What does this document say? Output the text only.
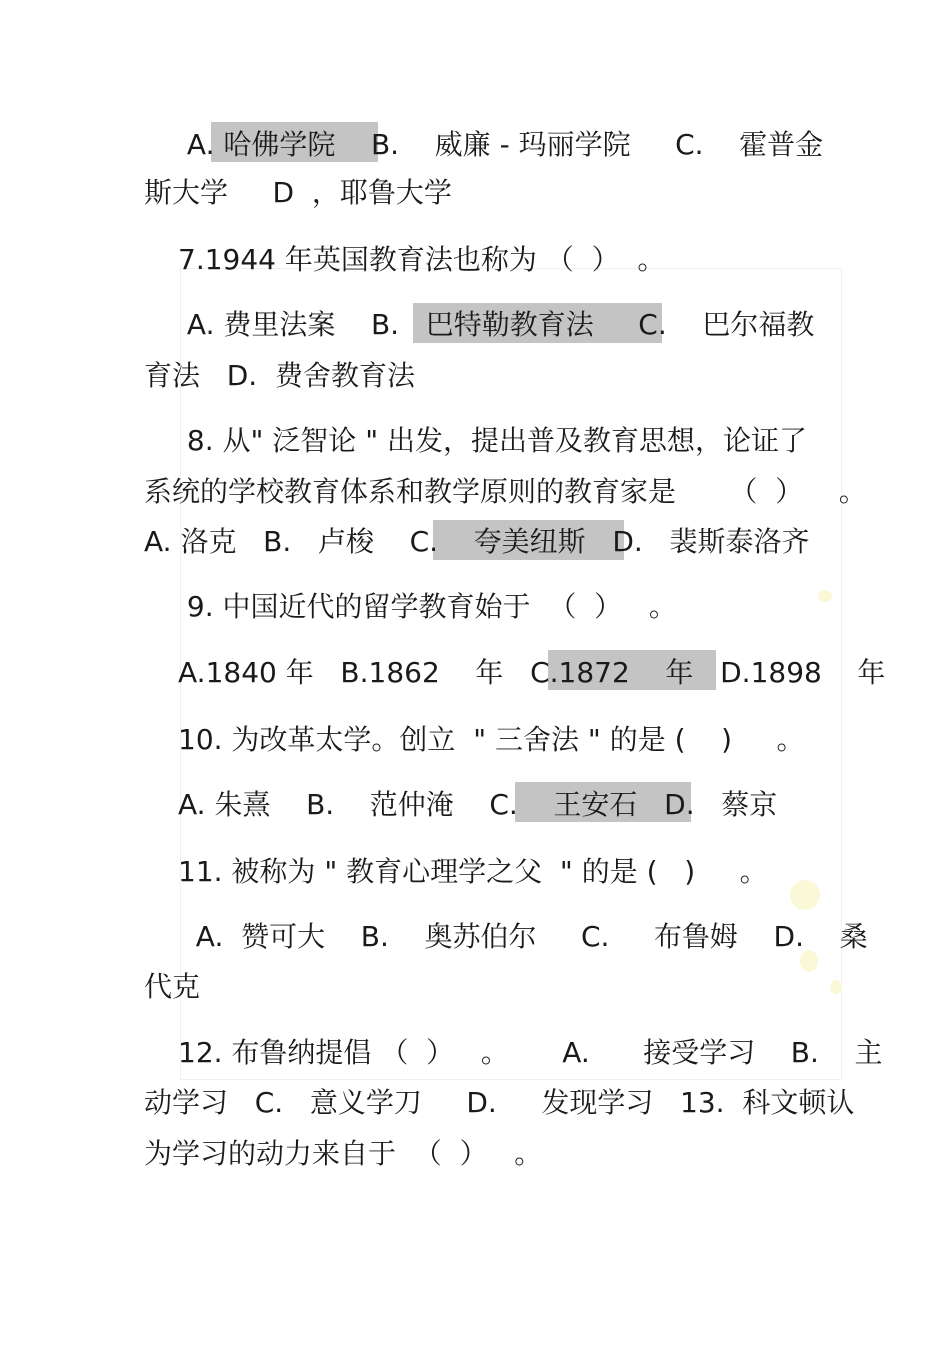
A. 哈佛学院    B.    威廉 - 玛丽学院     C.    霍普金
斯大学     D  ，耶鲁大学
7.1944 年英国教育法也称为 （  ）  。
A. 费里法案    B.   巴特勒教育法     C.    巴尔福教
育法   D.  费舍教育法
8. 从" 泛智论 " 出发，提出普及教育思想，论证了
系统的学校教育体系和教学原则的教育家是      （  ）    。
A. 洛克   B.   卢梭    C.    夸美纽斯   D.   裴斯泰洛齐
9. 中国近代的留学教育始于  （  ）   。
A.1840 年   B.1862    年   C.1872    年   D.1898    年
10. 为改革太学。创立  " 三舍法 " 的是 (    )     。
A. 朱熹    B.    范仲淹    C.    王安石   D.   蔡京
11. 被称为 " 教育心理学之父  " 的是 (   )     。
A.  赞可大    B.    奥苏伯尔     C.     布鲁姆    D.    桑
代克
12. 布鲁纳提倡 （  ）   。      A.      接受学习    B.    主
动学习   C.   意义学刀     D.     发现学习   13.  科文顿认
为学习的动力来自于  （  ）   。
